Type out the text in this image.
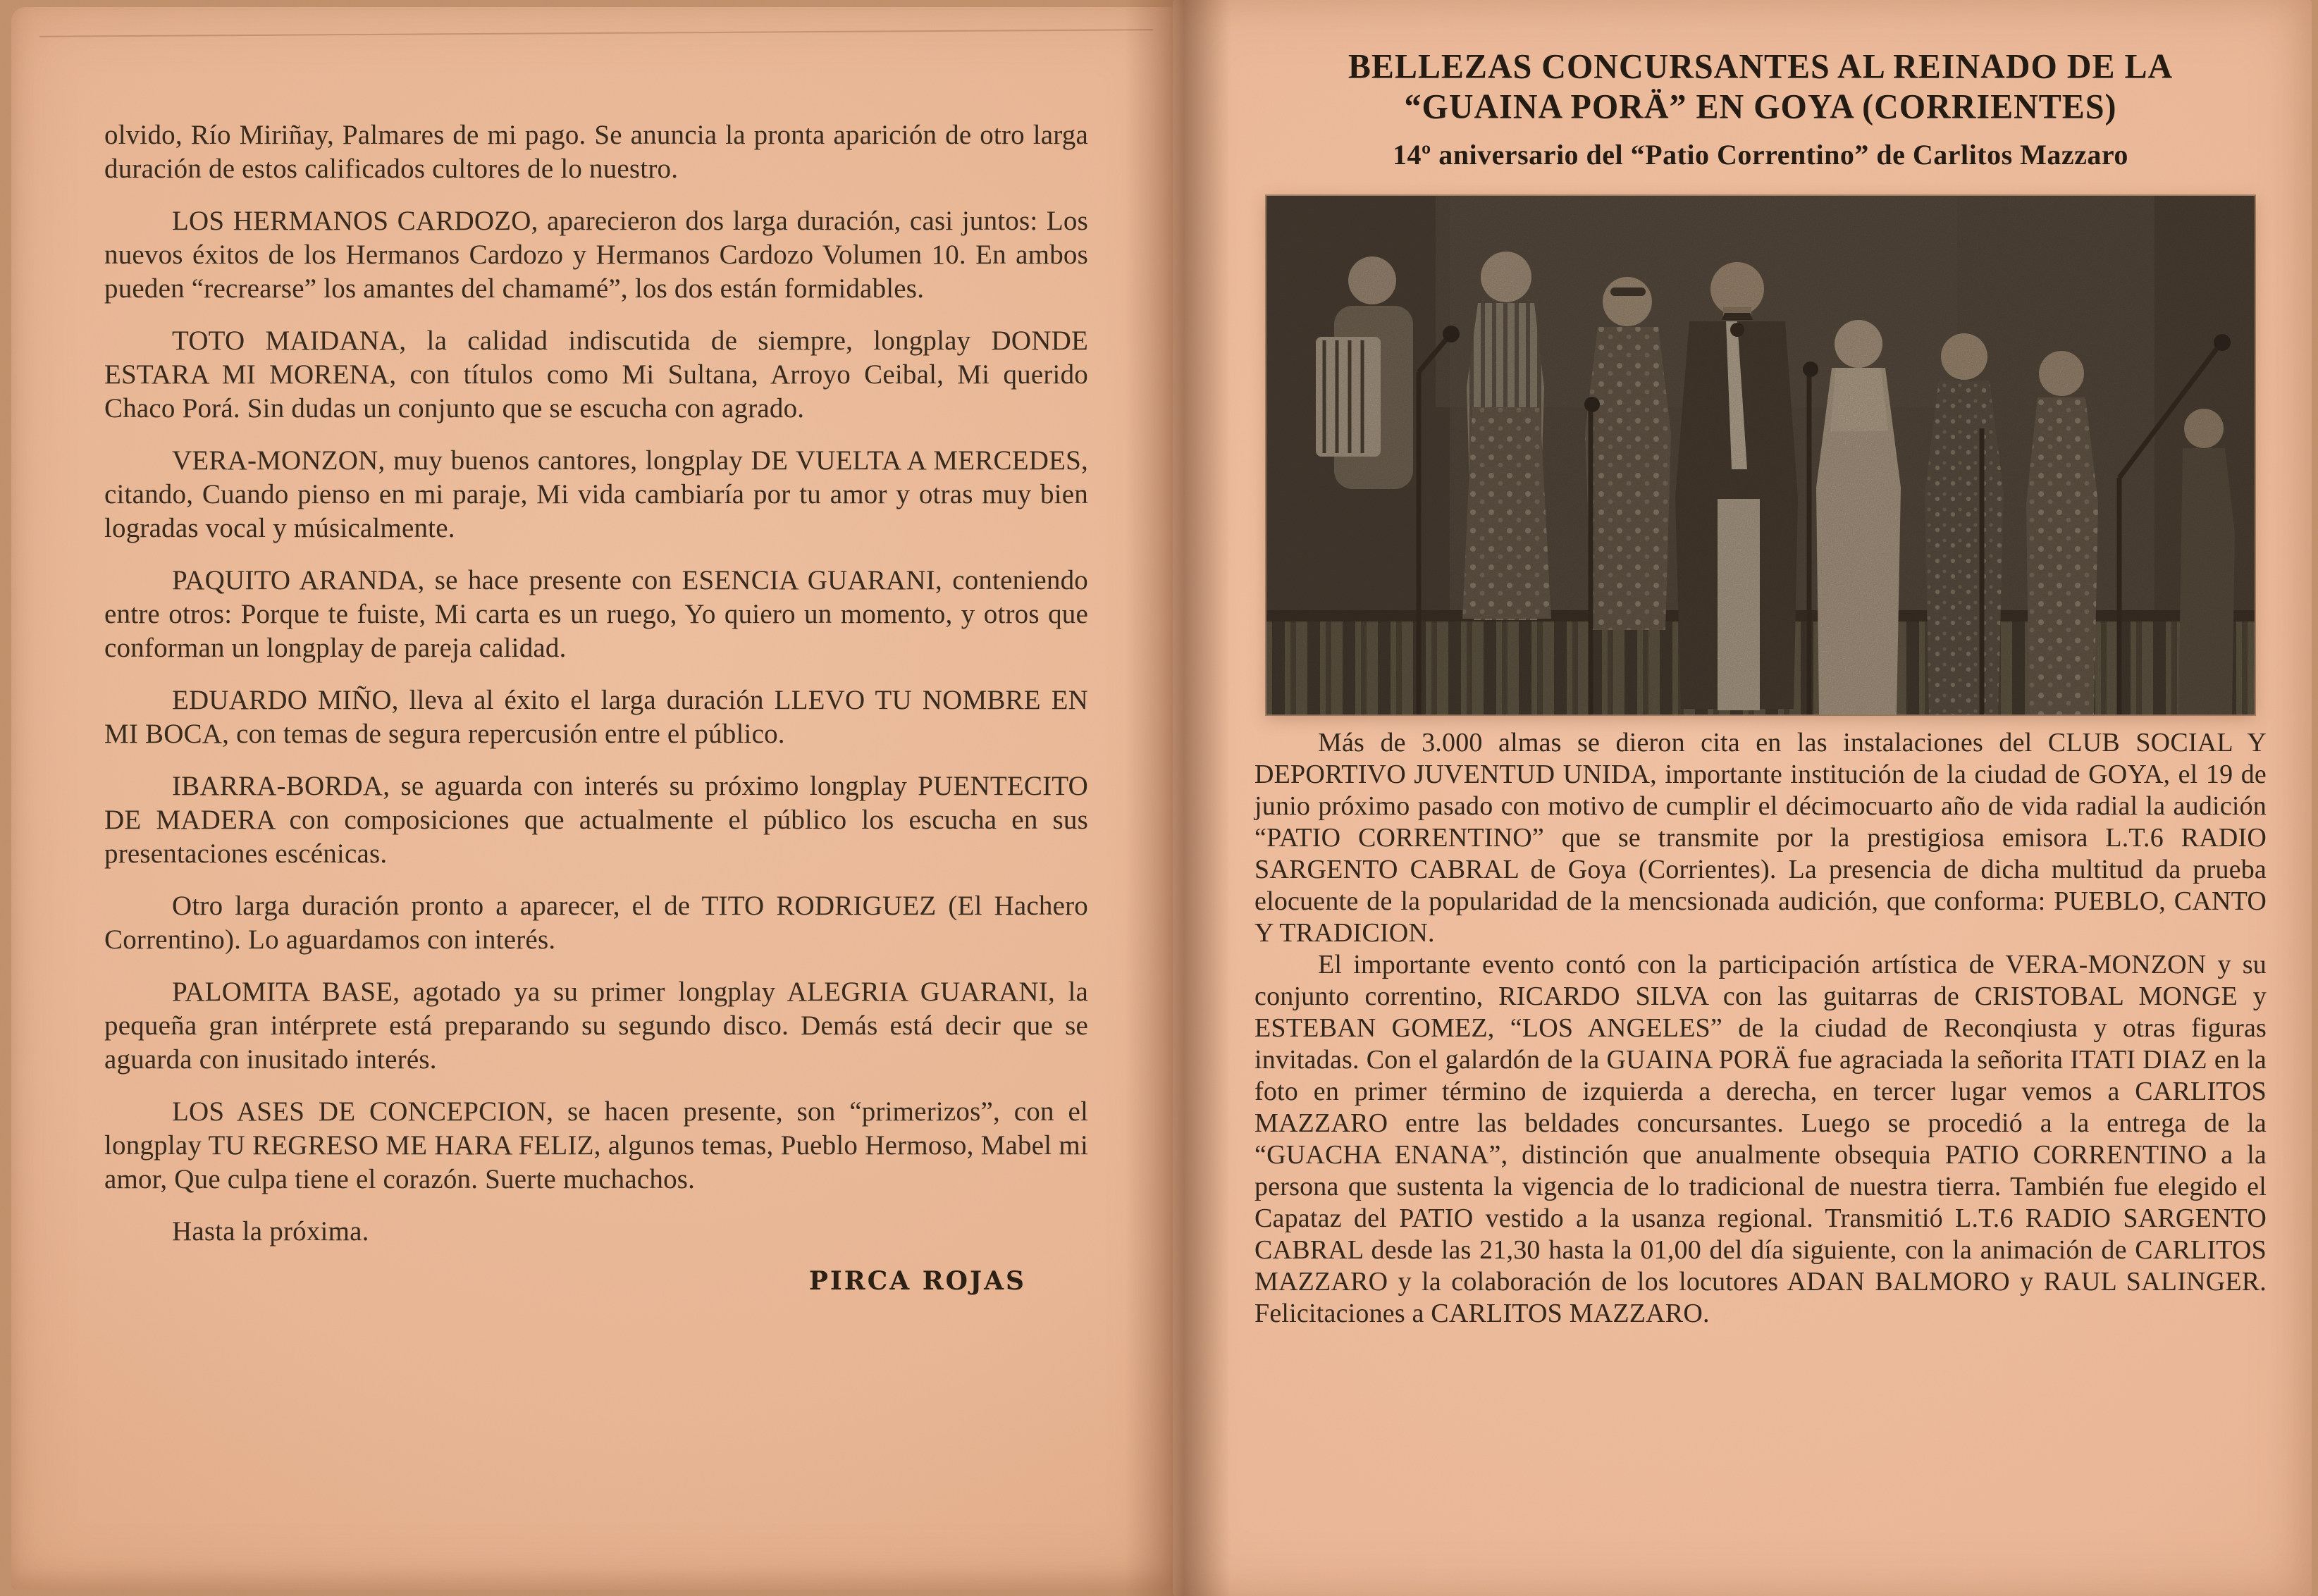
olvido, Río Miriñay, Palmares de mi pago. Se anuncia la pronta aparición de otro larga duración de estos calificados cultores de lo nuestro.

LOS HERMANOS CARDOZO, aparecieron dos larga duración, casi juntos: Los nuevos éxitos de los Hermanos Cardozo y Hermanos Cardozo Volumen 10. En ambos pueden “recrearse” los amantes del chamamé”, los dos están formidables.

TOTO MAIDANA, la calidad indiscutida de siempre, longplay DONDE ESTARA MI MORENA, con títulos como Mi Sultana, Arroyo Ceibal, Mi querido Chaco Porá. Sin dudas un conjunto que se escucha con agrado.

VERA-MONZON, muy buenos cantores, longplay DE VUELTA A MERCEDES, citando, Cuando pienso en mi paraje, Mi vida cambiaría por tu amor y otras muy bien logradas vocal y músicalmente.

PAQUITO ARANDA, se hace presente con ESENCIA GUARANI, conteniendo entre otros: Porque te fuiste, Mi carta es un ruego, Yo quiero un momento, y otros que conforman un longplay de pareja calidad.

EDUARDO MIÑO, lleva al éxito el larga duración LLEVO TU NOMBRE EN MI BOCA, con temas de segura repercusión entre el público.

IBARRA-BORDA, se aguarda con interés su próximo longplay PUENTECITO DE MADERA con composiciones que actualmente el público los escucha en sus presentaciones escénicas.

Otro larga duración pronto a aparecer, el de TITO RODRIGUEZ (El Hachero Correntino). Lo aguardamos con interés.

PALOMITA BASE, agotado ya su primer longplay ALEGRIA GUARANI, la pequeña gran intérprete está preparando su segundo disco. Demás está decir que se aguarda con inusitado interés.

LOS ASES DE CONCEPCION, se hacen presente, son “primerizos”, con el longplay TU REGRESO ME HARA FELIZ, algunos temas, Pueblo Hermoso, Mabel mi amor, Que culpa tiene el corazón. Suerte muchachos.

Hasta la próxima.

PIRCA ROJAS
BELLEZAS CONCURSANTES AL REINADO DE LA
“GUAINA PORÄ” EN GOYA (CORRIENTES)
14º aniversario del “Patio Correntino” de Carlitos Mazzaro

Más de 3.000 almas se dieron cita en las instalaciones del CLUB SOCIAL Y DEPORTIVO JUVENTUD UNIDA, importante institución de la ciudad de GOYA, el 19 de junio próximo pasado con motivo de cumplir el décimocuarto año de vida radial la audición “PATIO CORRENTINO” que se transmite por la prestigiosa emisora L.T.6 RADIO SARGENTO CABRAL de Goya (Corrientes). La presencia de dicha multitud da prueba elocuente de la popularidad de la mencsionada audición, que conforma: PUEBLO, CANTO Y TRADICION.

El importante evento contó con la participación artística de VERA-MONZON y su conjunto correntino, RICARDO SILVA con las guitarras de CRISTOBAL MONGE y ESTEBAN GOMEZ, “LOS ANGELES” de la ciudad de Reconqiusta y otras figuras invitadas. Con el galardón de la GUAINA PORÄ fue agraciada la señorita ITATI DIAZ en la foto en primer término de izquierda a derecha, en tercer lugar vemos a CARLITOS MAZZARO entre las beldades concursantes. Luego se procedió a la entrega de la “GUACHA ENANA”, distinción que anualmente obsequia PATIO CORRENTINO a la persona que sustenta la vigencia de lo tradicional de nuestra tierra. También fue elegido el Capataz del PATIO vestido a la usanza regional. Transmitió L.T.6 RADIO SARGENTO CABRAL desde las 21,30 hasta la 01,00 del día siguiente, con la animación de CARLITOS MAZZARO y la colaboración de los locutores ADAN BALMORO y RAUL SALINGER. Felicitaciones a CARLITOS MAZZARO.
